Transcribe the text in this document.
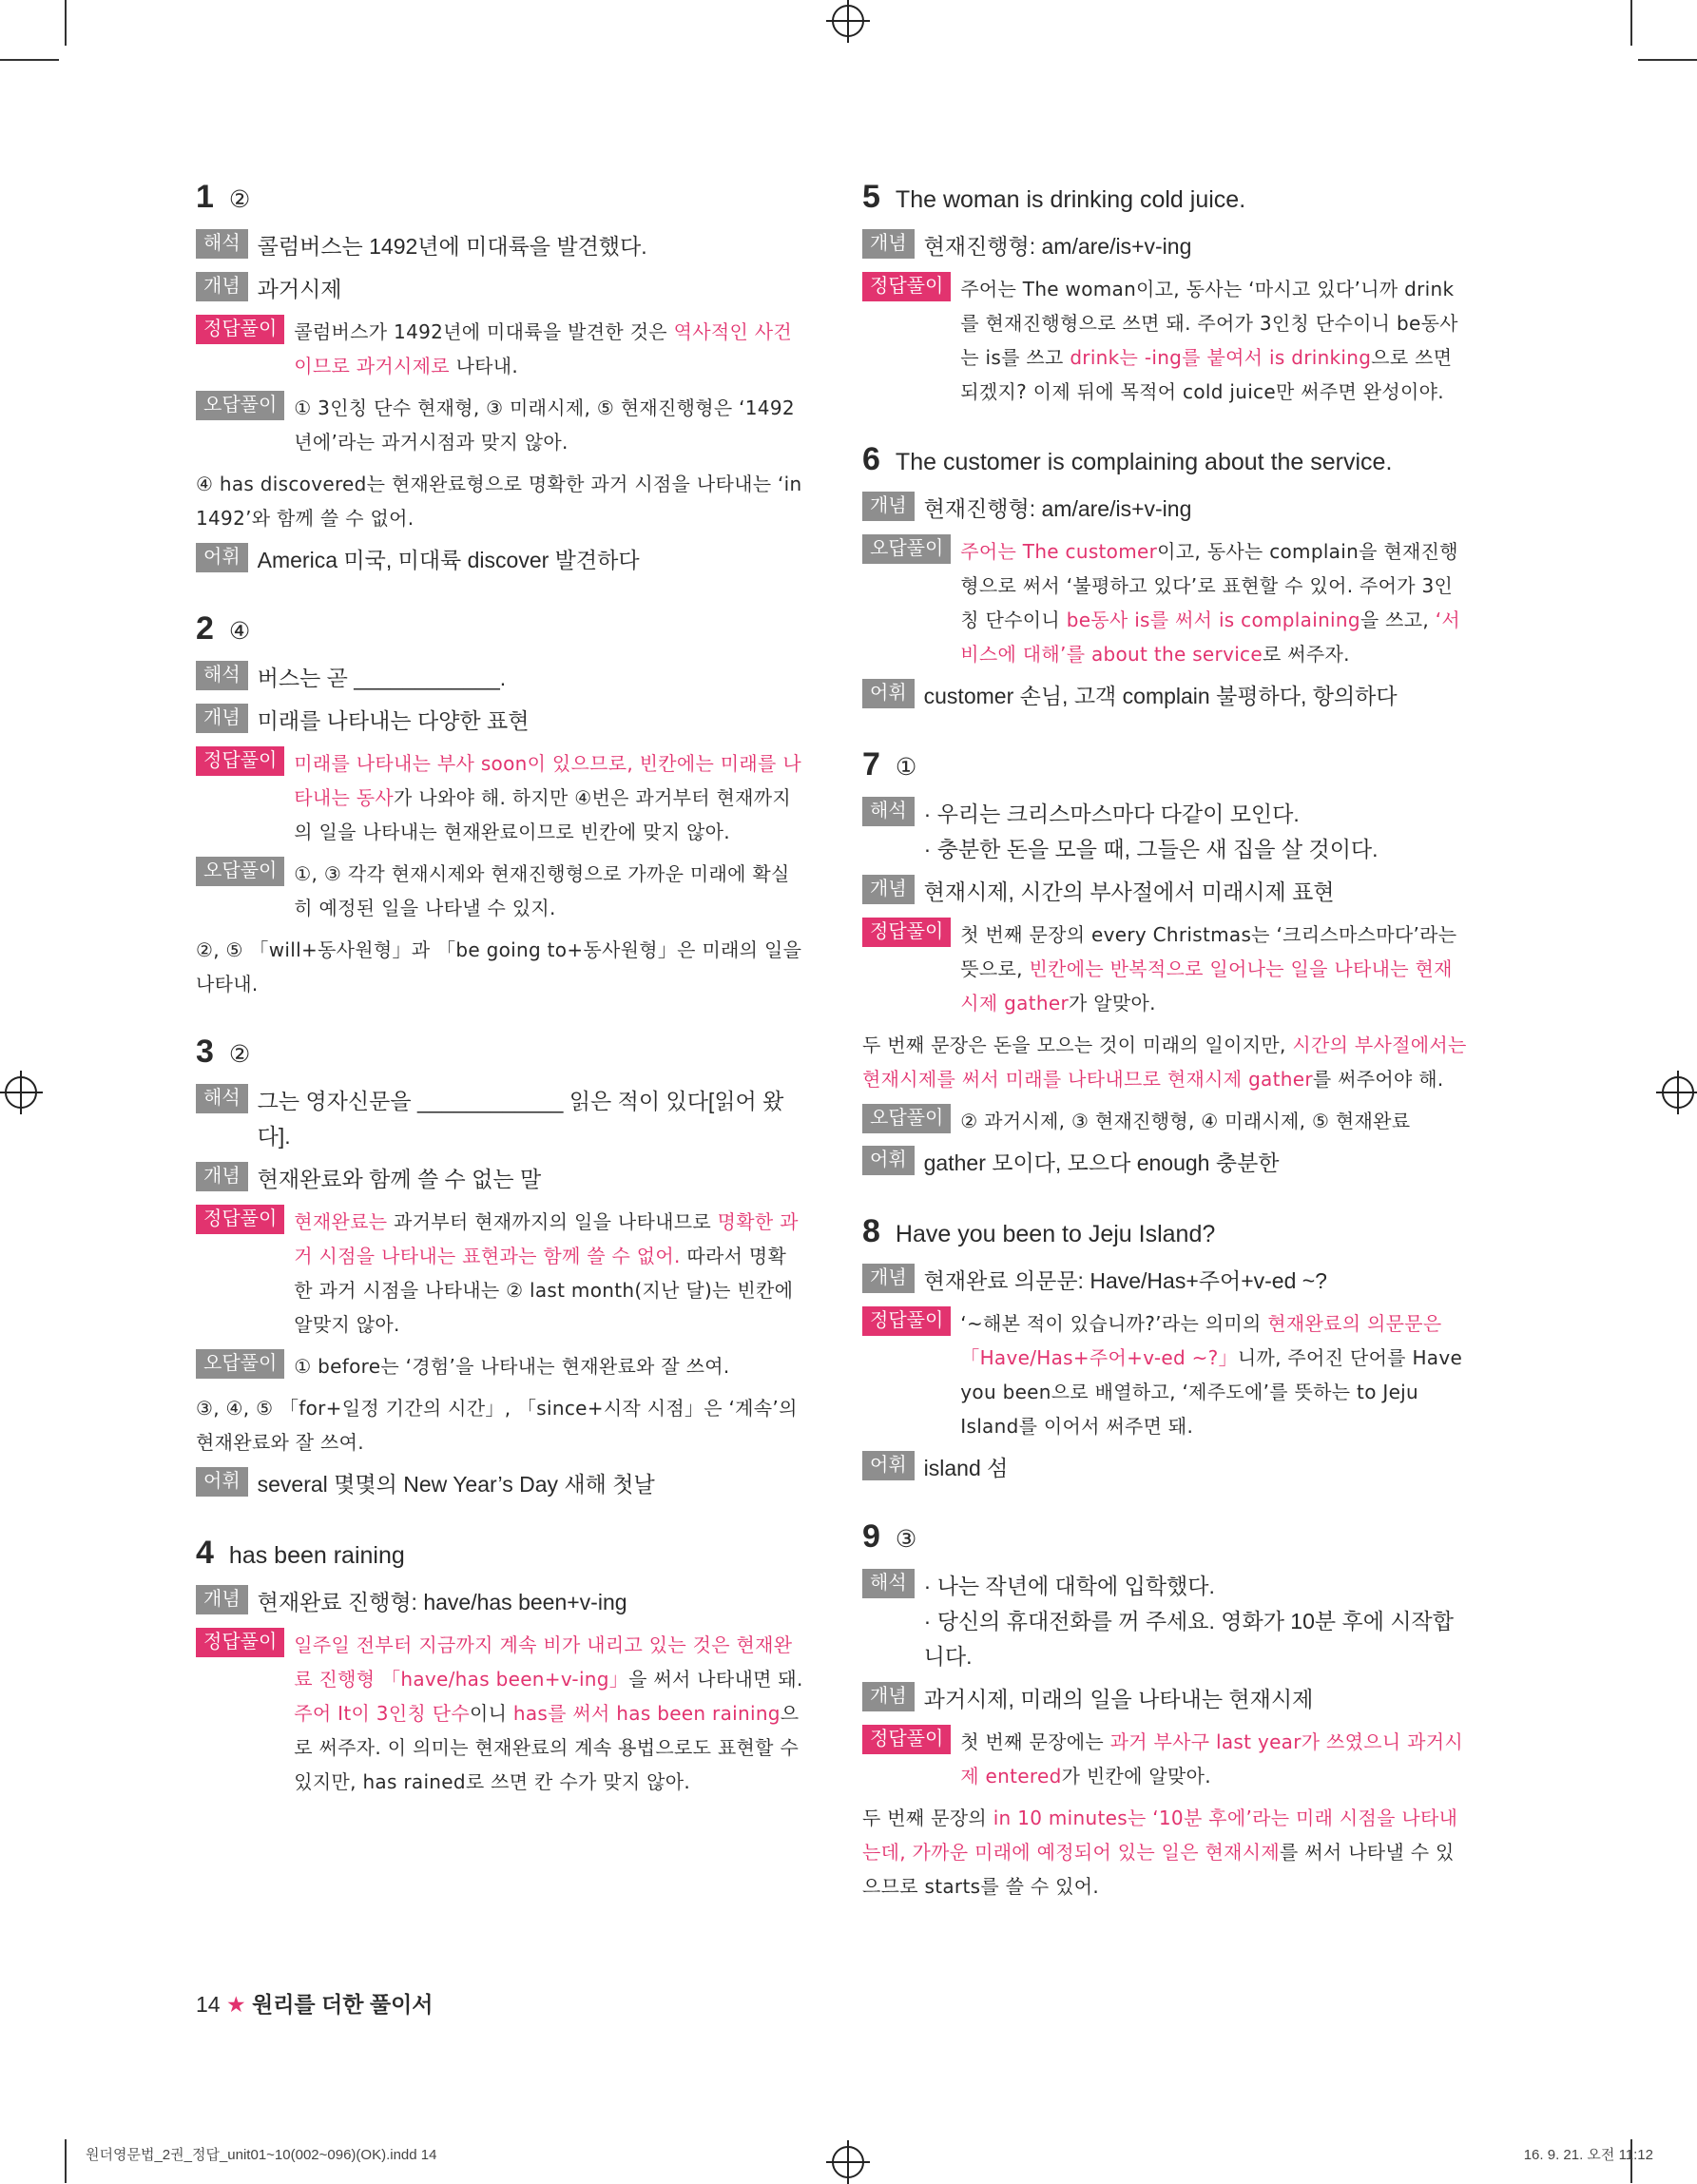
1 ②
해석 콜럼버스는 1492년에 미대륙을 발견했다.
개념 과거시제
정답풀이 콜럼버스가 1492년에 미대륙을 발견한 것은 역사적인 사건이므로 과거시제로 나타내.
오답풀이 ① 3인칭 단수 현재형, ③ 미래시제, ⑤ 현재진행형은 ‘1492년에’라는 과거시점과 맞지 않아.

④ has discovered는 현재완료형으로 명확한 과거 시점을 나타내는 ‘in 1492’와 함께 쓸 수 없어.

어휘 America 미국, 미대륙 discover 발견하다
2 ④
해석 버스는 곧 ____________.
개념 미래를 나타내는 다양한 표현
정답풀이 미래를 나타내는 부사 soon이 있으므로, 빈칸에는 미래를 나타내는 동사가 나와야 해. 하지만 ④번은 과거부터 현재까지의 일을 나타내는 현재완료이므로 빈칸에 맞지 않아.
오답풀이 ①, ③ 각각 현재시제와 현재진행형으로 가까운 미래에 확실히 예정된 일을 나타낼 수 있지.

②, ⑤ 「will+동사원형」과 「be going to+동사원형」은 미래의 일을 나타내.

3 ②
해석 그는 영자신문을 ____________ 읽은 적이 있다[읽어 왔다].
개념 현재완료와 함께 쓸 수 없는 말
정답풀이 현재완료는 과거부터 현재까지의 일을 나타내므로 명확한 과거 시점을 나타내는 표현과는 함께 쓸 수 없어. 따라서 명확한 과거 시점을 나타내는 ② last month(지난 달)는 빈칸에 알맞지 않아.
오답풀이 ① before는 ‘경험’을 나타내는 현재완료와 잘 쓰여.

③, ④, ⑤ 「for+일정 기간의 시간」, 「since+시작 시점」은 ‘계속’의 현재완료와 잘 쓰여.

어휘 several 몇몇의 New Year’s Day 새해 첫날
4 has been raining
개념 현재완료 진행형: have/has been+v-ing
정답풀이 일주일 전부터 지금까지 계속 비가 내리고 있는 것은 현재완료 진행형 「have/has been+v-ing」을 써서 나타내면 돼. 주어 It이 3인칭 단수이니 has를 써서 has been raining으로 써주자. 이 의미는 현재완료의 계속 용법으로도 표현할 수 있지만, has rained로 쓰면 칸 수가 맞지 않아.
5 The woman is drinking cold juice.
개념 현재진행형: am/are/is+v-ing
정답풀이 주어는 The woman이고, 동사는 ‘마시고 있다’니까 drink를 현재진행형으로 쓰면 돼. 주어가 3인칭 단수이니 be동사는 is를 쓰고 drink는 -ing를 붙여서 is drinking으로 쓰면 되겠지? 이제 뒤에 목적어 cold juice만 써주면 완성이야.
6 The customer is complaining about the service.
개념 현재진행형: am/are/is+v-ing
오답풀이 주어는 The customer이고, 동사는 complain을 현재진행형으로 써서 ‘불평하고 있다’로 표현할 수 있어. 주어가 3인칭 단수이니 be동사 is를 써서 is complaining을 쓰고, ‘서비스에 대해’를 about the service로 써주자.
어휘 customer 손님, 고객 complain 불평하다, 항의하다
7 ①
해석 · 우리는 크리스마스마다 다같이 모인다.
· 충분한 돈을 모을 때, 그들은 새 집을 살 것이다.
개념 현재시제, 시간의 부사절에서 미래시제 표현
정답풀이 첫 번째 문장의 every Christmas는 ‘크리스마스마다’라는 뜻으로, 빈칸에는 반복적으로 일어나는 일을 나타내는 현재시제 gather가 알맞아.

두 번째 문장은 돈을 모으는 것이 미래의 일이지만, 시간의 부사절에서는 현재시제를 써서 미래를 나타내므로 현재시제 gather를 써주어야 해.

오답풀이 ② 과거시제, ③ 현재진행형, ④ 미래시제, ⑤ 현재완료
어휘 gather 모이다, 모으다 enough 충분한
8 Have you been to Jeju Island?
개념 현재완료 의문문: Have/Has+주어+v-ed ~?
정답풀이 ‘~해본 적이 있습니까?’라는 의미의 현재완료의 의문문은 「Have/Has+주어+v-ed ~?」니까, 주어진 단어를 Have you been으로 배열하고, ‘제주도에’를 뜻하는 to Jeju Island를 이어서 써주면 돼.
어휘 island 섬
9 ③
해석 · 나는 작년에 대학에 입학했다.
· 당신의 휴대전화를 꺼 주세요. 영화가 10분 후에 시작합니다.
개념 과거시제, 미래의 일을 나타내는 현재시제
정답풀이 첫 번째 문장에는 과거 부사구 last year가 쓰였으니 과거시제 entered가 빈칸에 알맞아.

두 번째 문장의 in 10 minutes는 ‘10분 후에’라는 미래 시점을 나타내는데, 가까운 미래에 예정되어 있는 일은 현재시제를 써서 나타낼 수 있으므로 starts를 쓸 수 있어.

14 ★ 원리를 더한 풀이서
원더영문법_2권_정답_unit01~10(002~096)(OK).indd 14	16. 9. 21. 오전 11:12
